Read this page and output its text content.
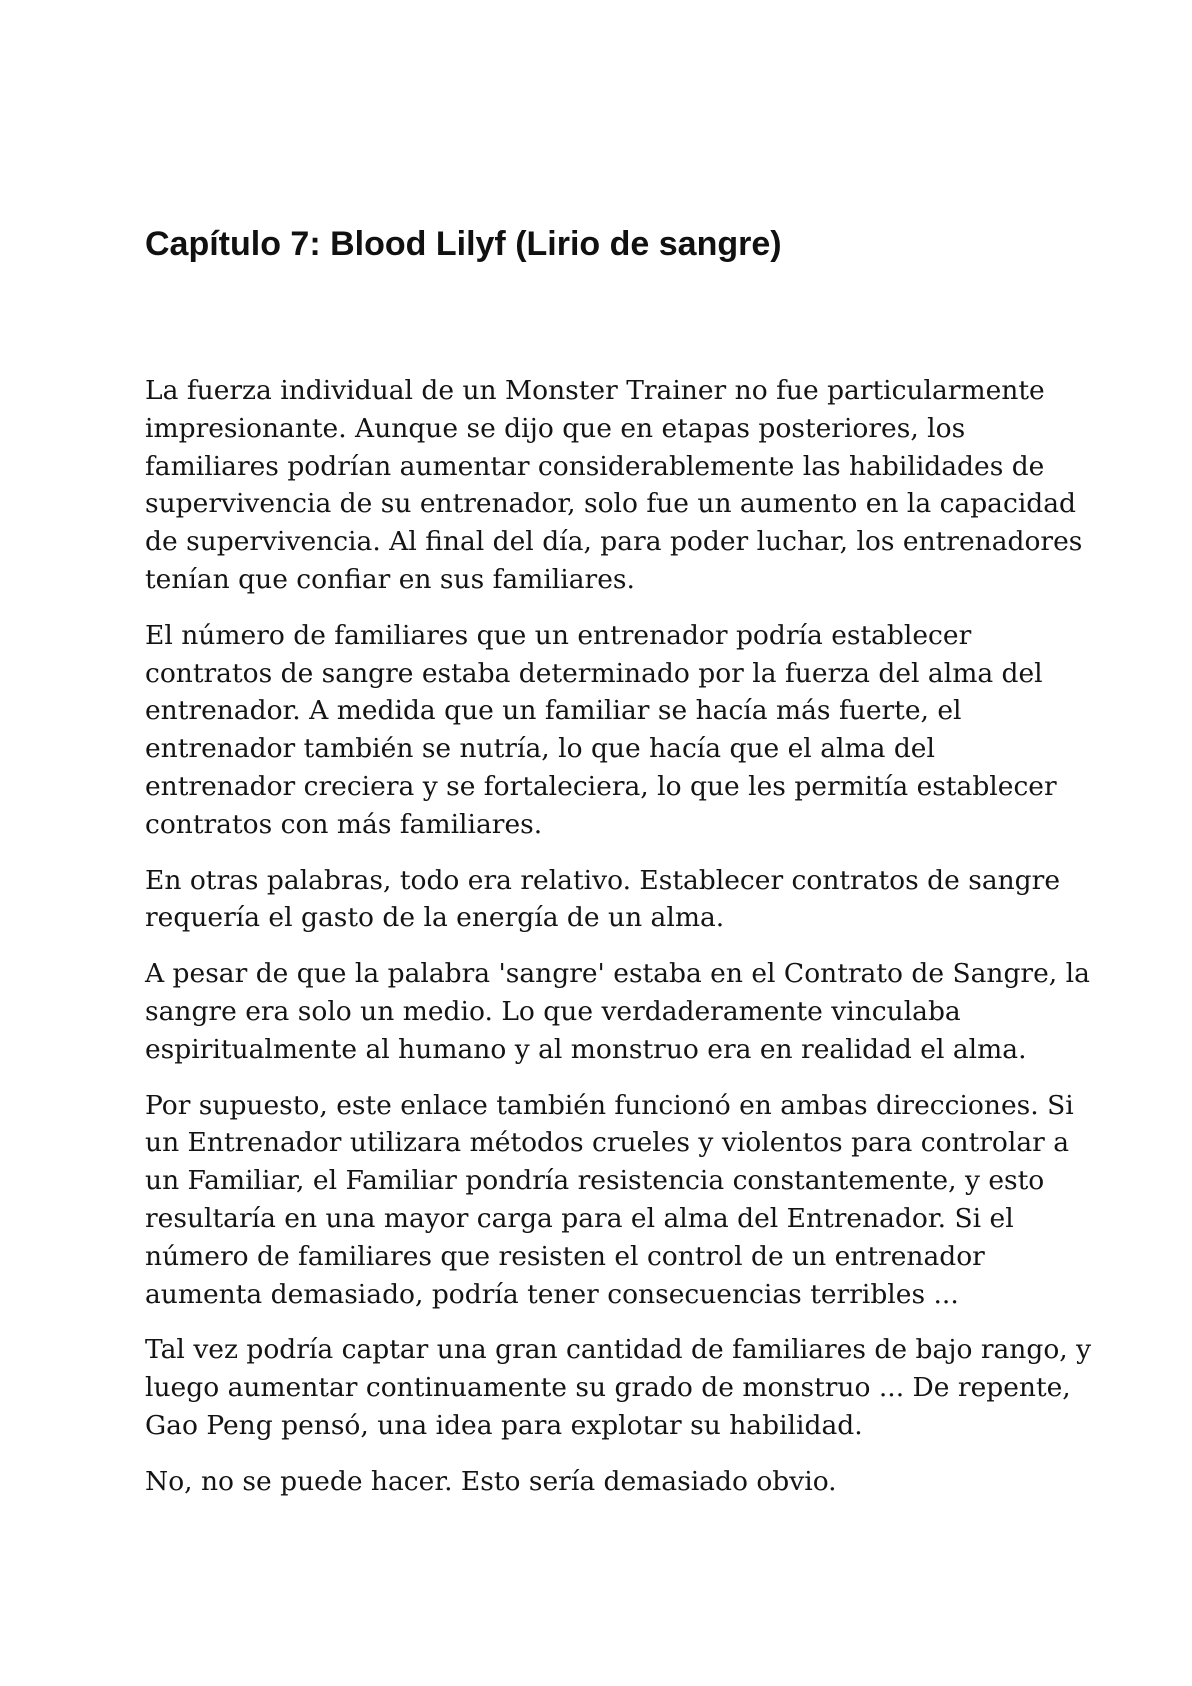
Capítulo 7: Blood Lilyf (Lirio de sangre)

La fuerza individual de un Monster Trainer no fue particularmente impresionante. Aunque se dijo que en etapas posteriores, los familiares podrían aumentar considerablemente las habilidades de supervivencia de su entrenador, solo fue un aumento en la capacidad de supervivencia. Al final del día, para poder luchar, los entrenadores tenían que confiar en sus familiares.

El número de familiares que un entrenador podría establecer contratos de sangre estaba determinado por la fuerza del alma del entrenador. A medida que un familiar se hacía más fuerte, el entrenador también se nutría, lo que hacía que el alma del entrenador creciera y se fortaleciera, lo que les permitía establecer contratos con más familiares.

En otras palabras, todo era relativo. Establecer contratos de sangre requería el gasto de la energía de un alma.

A pesar de que la palabra 'sangre' estaba en el Contrato de Sangre, la sangre era solo un medio. Lo que verdaderamente vinculaba espiritualmente al humano y al monstruo era en realidad el alma.

Por supuesto, este enlace también funcionó en ambas direcciones. Si un Entrenador utilizara métodos crueles y violentos para controlar a un Familiar, el Familiar pondría resistencia constantemente, y esto resultaría en una mayor carga para el alma del Entrenador. Si el número de familiares que resisten el control de un entrenador aumenta demasiado, podría tener consecuencias terribles ...

Tal vez podría captar una gran cantidad de familiares de bajo rango, y luego aumentar continuamente su grado de monstruo ... De repente, Gao Peng pensó, una idea para explotar su habilidad.

No, no se puede hacer. Esto sería demasiado obvio.
